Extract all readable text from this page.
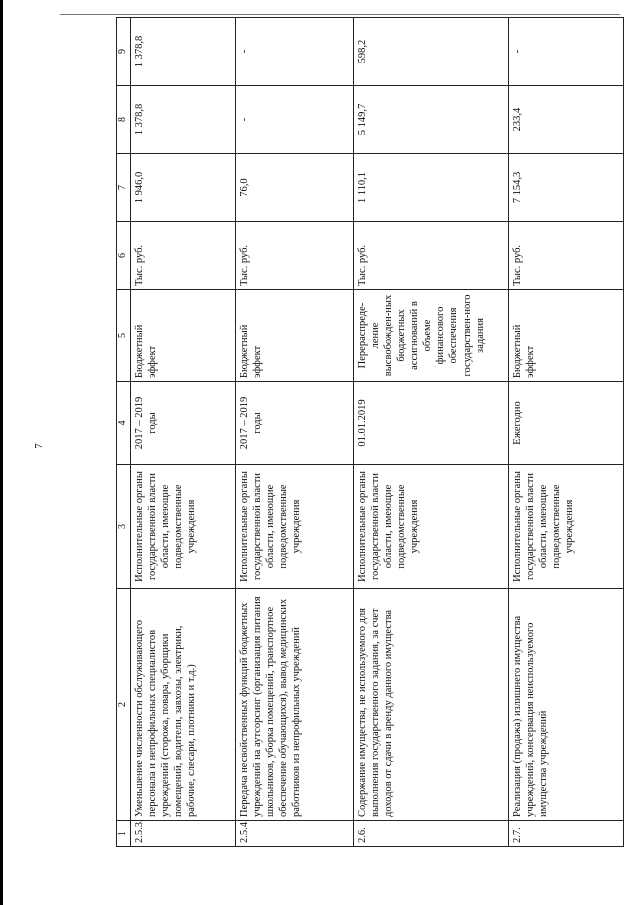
7
1	2	3	4	5	6	7	8	9
2.5.3.	Уменьшение численности обслуживающего персонала и непрофильных специалистов учреждений (сторожа, повара, уборщики помещений, водители, завхозы, электрики, рабочие, слесари, плотники и т.д.)	Исполнительные органы государственной власти области, имеющие подведомственные учреждения	2017 – 2019 годы	Бюджетный эффект	Тыс. руб.	1 946,0	1 378,8	1 378,8
2.5.4.	Передача несвойственных функций бюджетных учреждений на аутсорсинг (организация питания школьников, уборка помещений, транспортное обеспечение обучающихся), вывод медицинских работников из непрофильных учреждений	Исполнительные органы государственной власти области, имеющие подведомственные учреждения	2017 – 2019 годы	Бюджетный эффект	Тыс. руб.	76,0	-	-
2.6.	Содержание имущества, не используемого для выполнения государственного задания, за счет доходов от сдачи в аренду данного имущества	Исполнительные органы государственной власти области, имеющие подведомственные учреждения	01.01.2019	Перераспреде-ление высвобожден-ных бюджетных ассигнований в объеме финансового обеспечения государствен-ного задания	Тыс. руб.	1 110,1	5 149,7	598,2
2.7.	Реализация (продажа) излишнего имущества учреждений, консервация неиспользуемого имущества учреждений	Исполнительные органы государственной власти области, имеющие подведомственные учреждения	Ежегодно	Бюджетный эффект	Тыс. руб.	7 154,3	233,4	-
